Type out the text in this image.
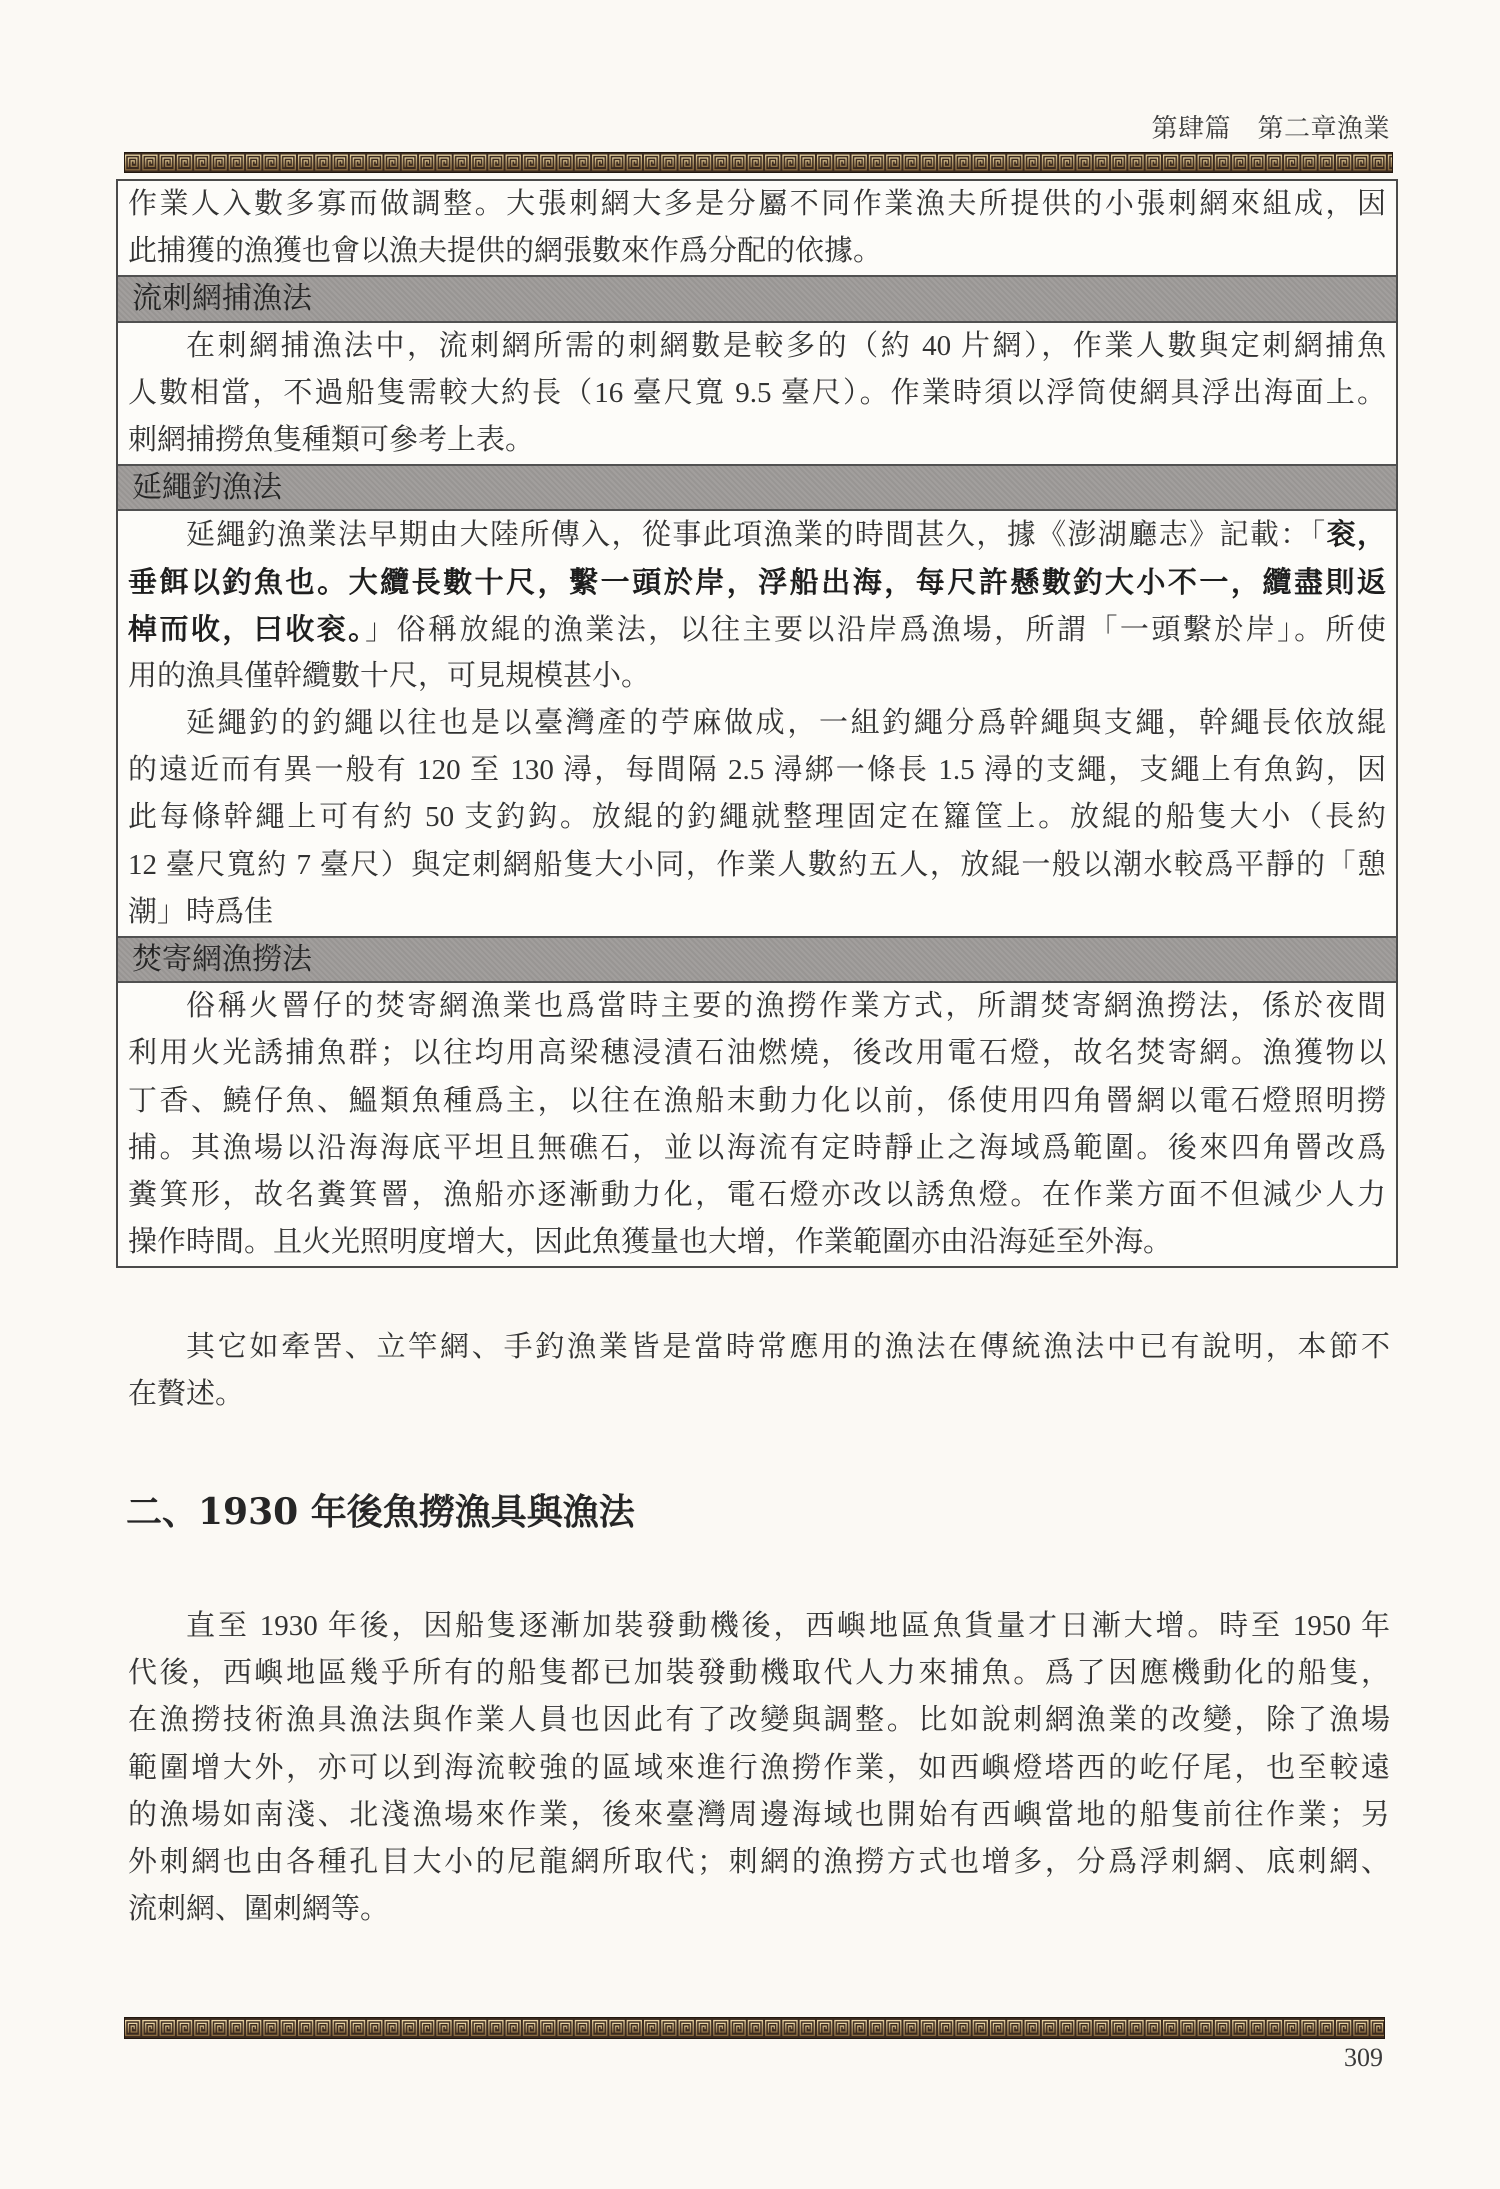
第肆篇　第二章漁業
作業人入數多寡而做調整。大張刺網大多是分屬不同作業漁夫所提供的小張刺網來組成，因
此捕獲的漁獲也會以漁夫提供的網張數來作爲分配的依據。
流刺網捕漁法
在刺網捕漁法中，流刺網所需的刺網數是較多的（約 40 片網），作業人數與定刺網捕魚
人數相當，不過船隻需較大約長（16 臺尺寬 9.5 臺尺）。作業時須以浮筒使網具浮出海面上。
刺網捕撈魚隻種類可參考上表。
延繩釣漁法
延繩釣漁業法早期由大陸所傳入，從事此項漁業的時間甚久，據《澎湖廳志》記載：「衮，
垂餌以釣魚也。大纜長數十尺，繫一頭於岸，浮船出海，每尺許懸數釣大小不一，纜盡則返
棹而收，曰收衮。」俗稱放緄的漁業法，以往主要以沿岸爲漁場，所謂「一頭繫於岸」。所使
用的漁具僅幹纜數十尺，可見規模甚小。
延繩釣的釣繩以往也是以臺灣產的苧麻做成，一組釣繩分爲幹繩與支繩，幹繩長依放緄
的遠近而有異一般有 120 至 130 潯，每間隔 2.5 潯綁一條長 1.5 潯的支繩，支繩上有魚鈎，因
此每條幹繩上可有約 50 支釣鈎。放緄的釣繩就整理固定在籮筐上。放緄的船隻大小（長約
12 臺尺寬約 7 臺尺）與定刺網船隻大小同，作業人數約五人，放緄一般以潮水較爲平靜的「憩
潮」時爲佳
焚寄網漁撈法
俗稱火罾仔的焚寄網漁業也爲當時主要的漁撈作業方式，所謂焚寄網漁撈法，係於夜間
利用火光誘捕魚群；以往均用高梁穗浸漬石油燃燒，後改用電石燈，故名焚寄網。漁獲物以
丁香、鱙仔魚、鰮類魚種爲主，以往在漁船末動力化以前，係使用四角罾網以電石燈照明撈
捕。其漁場以沿海海底平坦且無礁石，並以海流有定時靜止之海域爲範圍。後來四角罾改爲
糞箕形，故名糞箕罾，漁船亦逐漸動力化，電石燈亦改以誘魚燈。在作業方面不但減少人力
操作時間。且火光照明度增大，因此魚獲量也大增，作業範圍亦由沿海延至外海。
其它如牽罟、立竿網、手釣漁業皆是當時常應用的漁法在傳統漁法中已有說明，本節不
在贅述。
二、1930 年後魚撈漁具與漁法
直至 1930 年後，因船隻逐漸加裝發動機後，西嶼地區魚貨量才日漸大增。時至 1950 年
代後，西嶼地區幾乎所有的船隻都已加裝發動機取代人力來捕魚。爲了因應機動化的船隻，
在漁撈技術漁具漁法與作業人員也因此有了改變與調整。比如說刺網漁業的改變，除了漁場
範圍增大外，亦可以到海流較強的區域來進行漁撈作業，如西嶼燈塔西的屹仔尾，也至較遠
的漁場如南淺、北淺漁場來作業，後來臺灣周邊海域也開始有西嶼當地的船隻前往作業；另
外刺網也由各種孔目大小的尼龍網所取代；刺網的漁撈方式也增多，分爲浮刺網、底刺網、
流刺網、圍刺網等。
309
